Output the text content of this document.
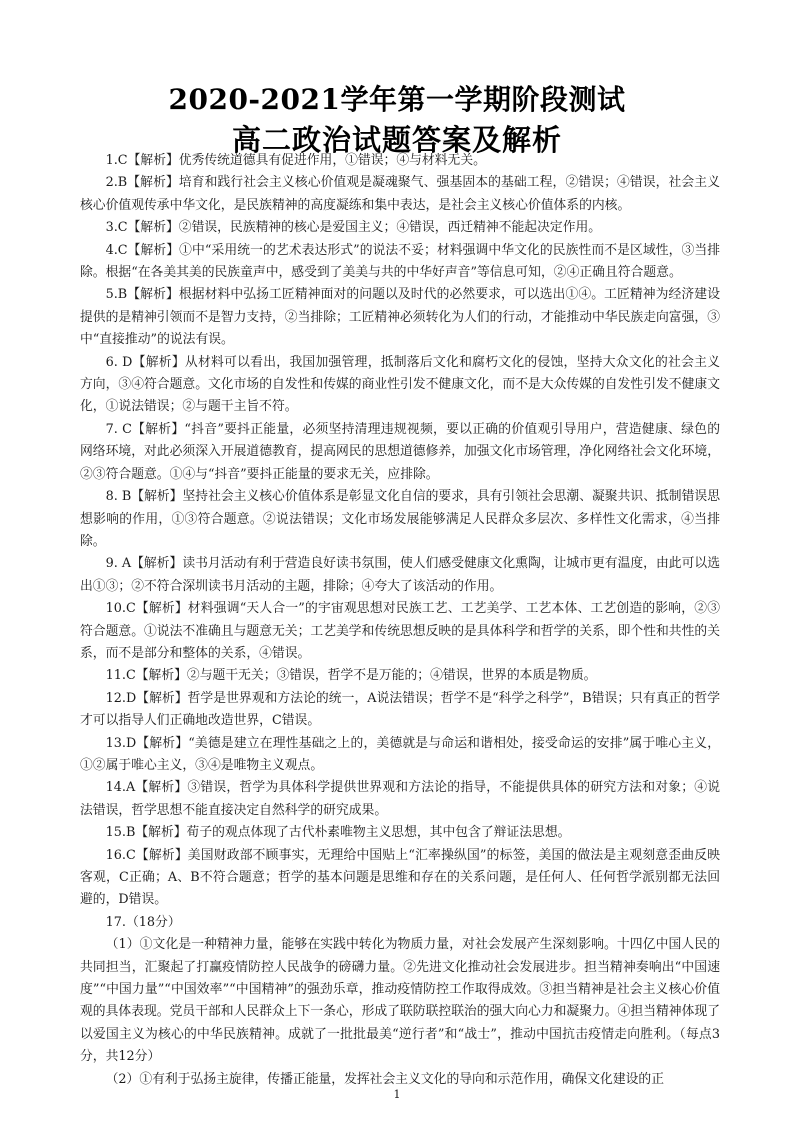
2020-2021学年第一学期阶段测试
高二政治试题答案及解析

1.C【解析】优秀传统道德具有促进作用，①错误；④与材料无关。

2.B【解析】培育和践行社会主义核心价值观是凝魂聚气、强基固本的基础工程，②错误；④错误，社会主义核心价值观传承中华文化，是民族精神的高度凝练和集中表达，是社会主义核心价值体系的内核。

3.C【解析】②错误，民族精神的核心是爱国主义；④错误，西迁精神不能起决定作用。

4.C【解析】①中“采用统一的艺术表达形式”的说法不妥；材料强调中华文化的民族性而不是区域性，③当排除。根据“在各美其美的民族童声中，感受到了美美与共的中华好声音”等信息可知，②④正确且符合题意。

5.B【解析】根据材料中弘扬工匠精神面对的问题以及时代的必然要求，可以选出①④。工匠精神为经济建设提供的是精神引领而不是智力支持，②当排除；工匠精神必须转化为人们的行动，才能推动中华民族走向富强，③中“直接推动”的说法有误。

6. D【解析】从材料可以看出，我国加强管理，抵制落后文化和腐朽文化的侵蚀，坚持大众文化的社会主义方向，③④符合题意。文化市场的自发性和传媒的商业性引发不健康文化，而不是大众传媒的自发性引发不健康文化，①说法错误；②与题干主旨不符。

7. C【解析】“抖音”要抖正能量，必须坚持清理违规视频，要以正确的价值观引导用户，营造健康、绿色的网络环境，对此必须深入开展道德教育，提高网民的思想道德修养，加强文化市场管理，净化网络社会文化环境，②③符合题意。①④与“抖音”要抖正能量的要求无关，应排除。

8. B【解析】坚持社会主义核心价值体系是彰显文化自信的要求，具有引领社会思潮、凝聚共识、抵制错误思想影响的作用，①③符合题意。②说法错误；文化市场发展能够满足人民群众多层次、多样性文化需求，④当排除。

9. A【解析】读书月活动有利于营造良好读书氛围，使人们感受健康文化熏陶，让城市更有温度，由此可以选出①③；②不符合深圳读书月活动的主题，排除；④夸大了该活动的作用。

10.C【解析】材料强调“天人合一”的宇宙观思想对民族工艺、工艺美学、工艺本体、工艺创造的影响，②③符合题意。①说法不准确且与题意无关；工艺美学和传统思想反映的是具体科学和哲学的关系，即个性和共性的关系，而不是部分和整体的关系，④错误。

11.C【解析】②与题干无关；③错误，哲学不是万能的；④错误，世界的本质是物质。

12.D【解析】哲学是世界观和方法论的统一，A说法错误；哲学不是“科学之科学”，B错误；只有真正的哲学才可以指导人们正确地改造世界，C错误。

13.D【解析】“美德是建立在理性基础之上的，美德就是与命运和谐相处，接受命运的安排”属于唯心主义，①②属于唯心主义，③④是唯物主义观点。

14.A【解析】③错误，哲学为具体科学提供世界观和方法论的指导，不能提供具体的研究方法和对象；④说法错误，哲学思想不能直接决定自然科学的研究成果。

15.B【解析】荀子的观点体现了古代朴素唯物主义思想，其中包含了辩证法思想。

16.C【解析】美国财政部不顾事实，无理给中国贴上“汇率操纵国”的标签，美国的做法是主观刻意歪曲反映客观，C正确；A、B不符合题意；哲学的基本问题是思维和存在的关系问题，是任何人、任何哲学派别都无法回避的，D错误。

17.（18分）

（1）①文化是一种精神力量，能够在实践中转化为物质力量，对社会发展产生深刻影响。十四亿中国人民的共同担当，汇聚起了打赢疫情防控人民战争的磅礴力量。②先进文化推动社会发展进步。担当精神奏响出“中国速度”“中国力量”“中国效率”“中国精神”的强劲乐章，推动疫情防控工作取得成效。③担当精神是社会主义核心价值观的具体表现。党员干部和人民群众上下一条心，形成了联防联控联治的强大向心力和凝聚力。④担当精神体现了以爱国主义为核心的中华民族精神。成就了一批批最美“逆行者”和“战士”，推动中国抗击疫情走向胜利。（每点3分，共12分）

（2）①有利于弘扬主旋律，传播正能量，发挥社会主义文化的导向和示范作用，确保文化建设的正

1
